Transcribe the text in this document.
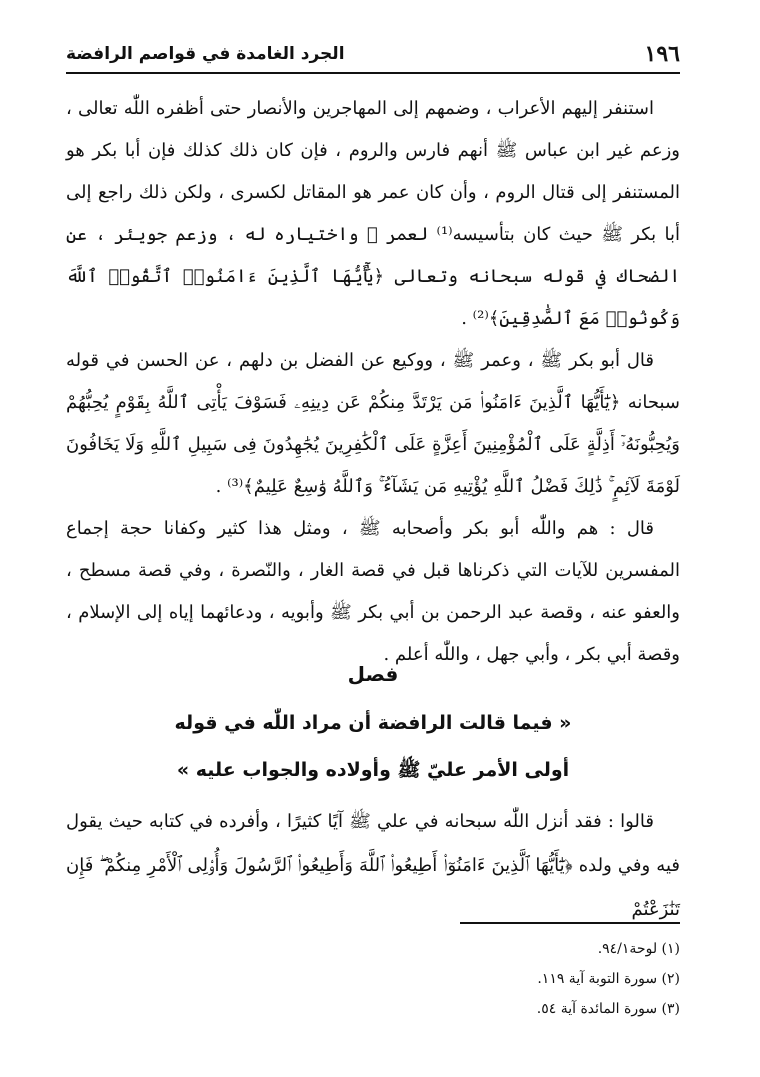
١٩٦
الجرد الغامدة في قواصم الرافضة

استنفر إليهم الأعراب ، وضمهم إلى المهاجرين والأنصار حتى أظفره اللّٰه تعالى ، وزعم غير ابن عباس ﷺ أنهم فارس والروم ، فإن كان ذلك كذلك فإن أبا بكر هو المستنفر إلى قتال الروم ، وأن كان عمر هو المقاتل لكسرى ، ولكن ذلك راجع إلى أبا بكر ﷺ حيث كان بتأسيسه⁽¹⁾ لعمر ﷺ واختياره له ، وزعم جويئر ، عن الضحاك في قوله سبحانه وتعالى ﴿يَٰٓأَيُّهَا ٱلَّذِينَ ءَامَنُوا۟ ٱتَّقُوا۟ ٱللَّهَ وَكُونُوا۟ مَعَ ٱلصَّٰدِقِينَ﴾⁽²⁾ .

قال أبو بكر ﷺ ، وعمر ﷺ ، ووكيع عن الفضل بن دلهم ، عن الحسن في قوله سبحانه ﴿يَٰٓأَيُّهَا ٱلَّذِينَ ءَامَنُوا۟ مَن يَرْتَدَّ مِنكُمْ عَن دِينِهِۦ فَسَوْفَ يَأْتِى ٱللَّهُ بِقَوْمٍ يُحِبُّهُمْ وَيُحِبُّونَهُۥٓ أَذِلَّةٍ عَلَى ٱلْمُؤْمِنِينَ أَعِزَّةٍ عَلَى ٱلْكَٰفِرِينَ يُجَٰهِدُونَ فِى سَبِيلِ ٱللَّهِ وَلَا يَخَافُونَ لَوْمَةَ لَآئِمٍ ۚ ذَٰلِكَ فَضْلُ ٱللَّهِ يُؤْتِيهِ مَن يَشَآءُ ۚ وَٱللَّهُ وَٰسِعٌ عَلِيمٌ﴾⁽³⁾ .

قال : هم واللّٰه أبو بكر وأصحابه ﷺ ، ومثل هذا كثير وكفانا حجة إجماع المفسرين للآيات التي ذكرناها قبل في قصة الغار ، والنّصرة ، وفي قصة مسطح ، والعفو عنه ، وقصة عبد الرحمن بن أبي بكر ﷺ وأبويه ، ودعائهما إياه إلى الإسلام ، وقصة أبي بكر ، وأبي جهل ، واللّٰه أعلم .

فصل
« فيما قالت الرافضة أن مراد اللّٰه في قوله
أولى الأمر عليّ ﷺ وأولاده والجواب عليه »

قالوا : فقد أنزل اللّٰه سبحانه في علي ﷺ آيًا كثيرًا ، وأفرده في كتابه حيث يقول فيه وفي ولده ﴿يَٰٓأَيُّهَا ٱلَّذِينَ ءَامَنُوٓا۟ أَطِيعُوا۟ ٱللَّهَ وَأَطِيعُوا۟ ٱلرَّسُولَ وَأُو۟لِى ٱلْأَمْرِ مِنكُمْ ۖ فَإِن تَنَٰزَعْتُمْ

(١) لوحة٩٤/١.
(٢) سورة التوبة آية ١١٩.
(٣) سورة المائدة آية ٥٤.
